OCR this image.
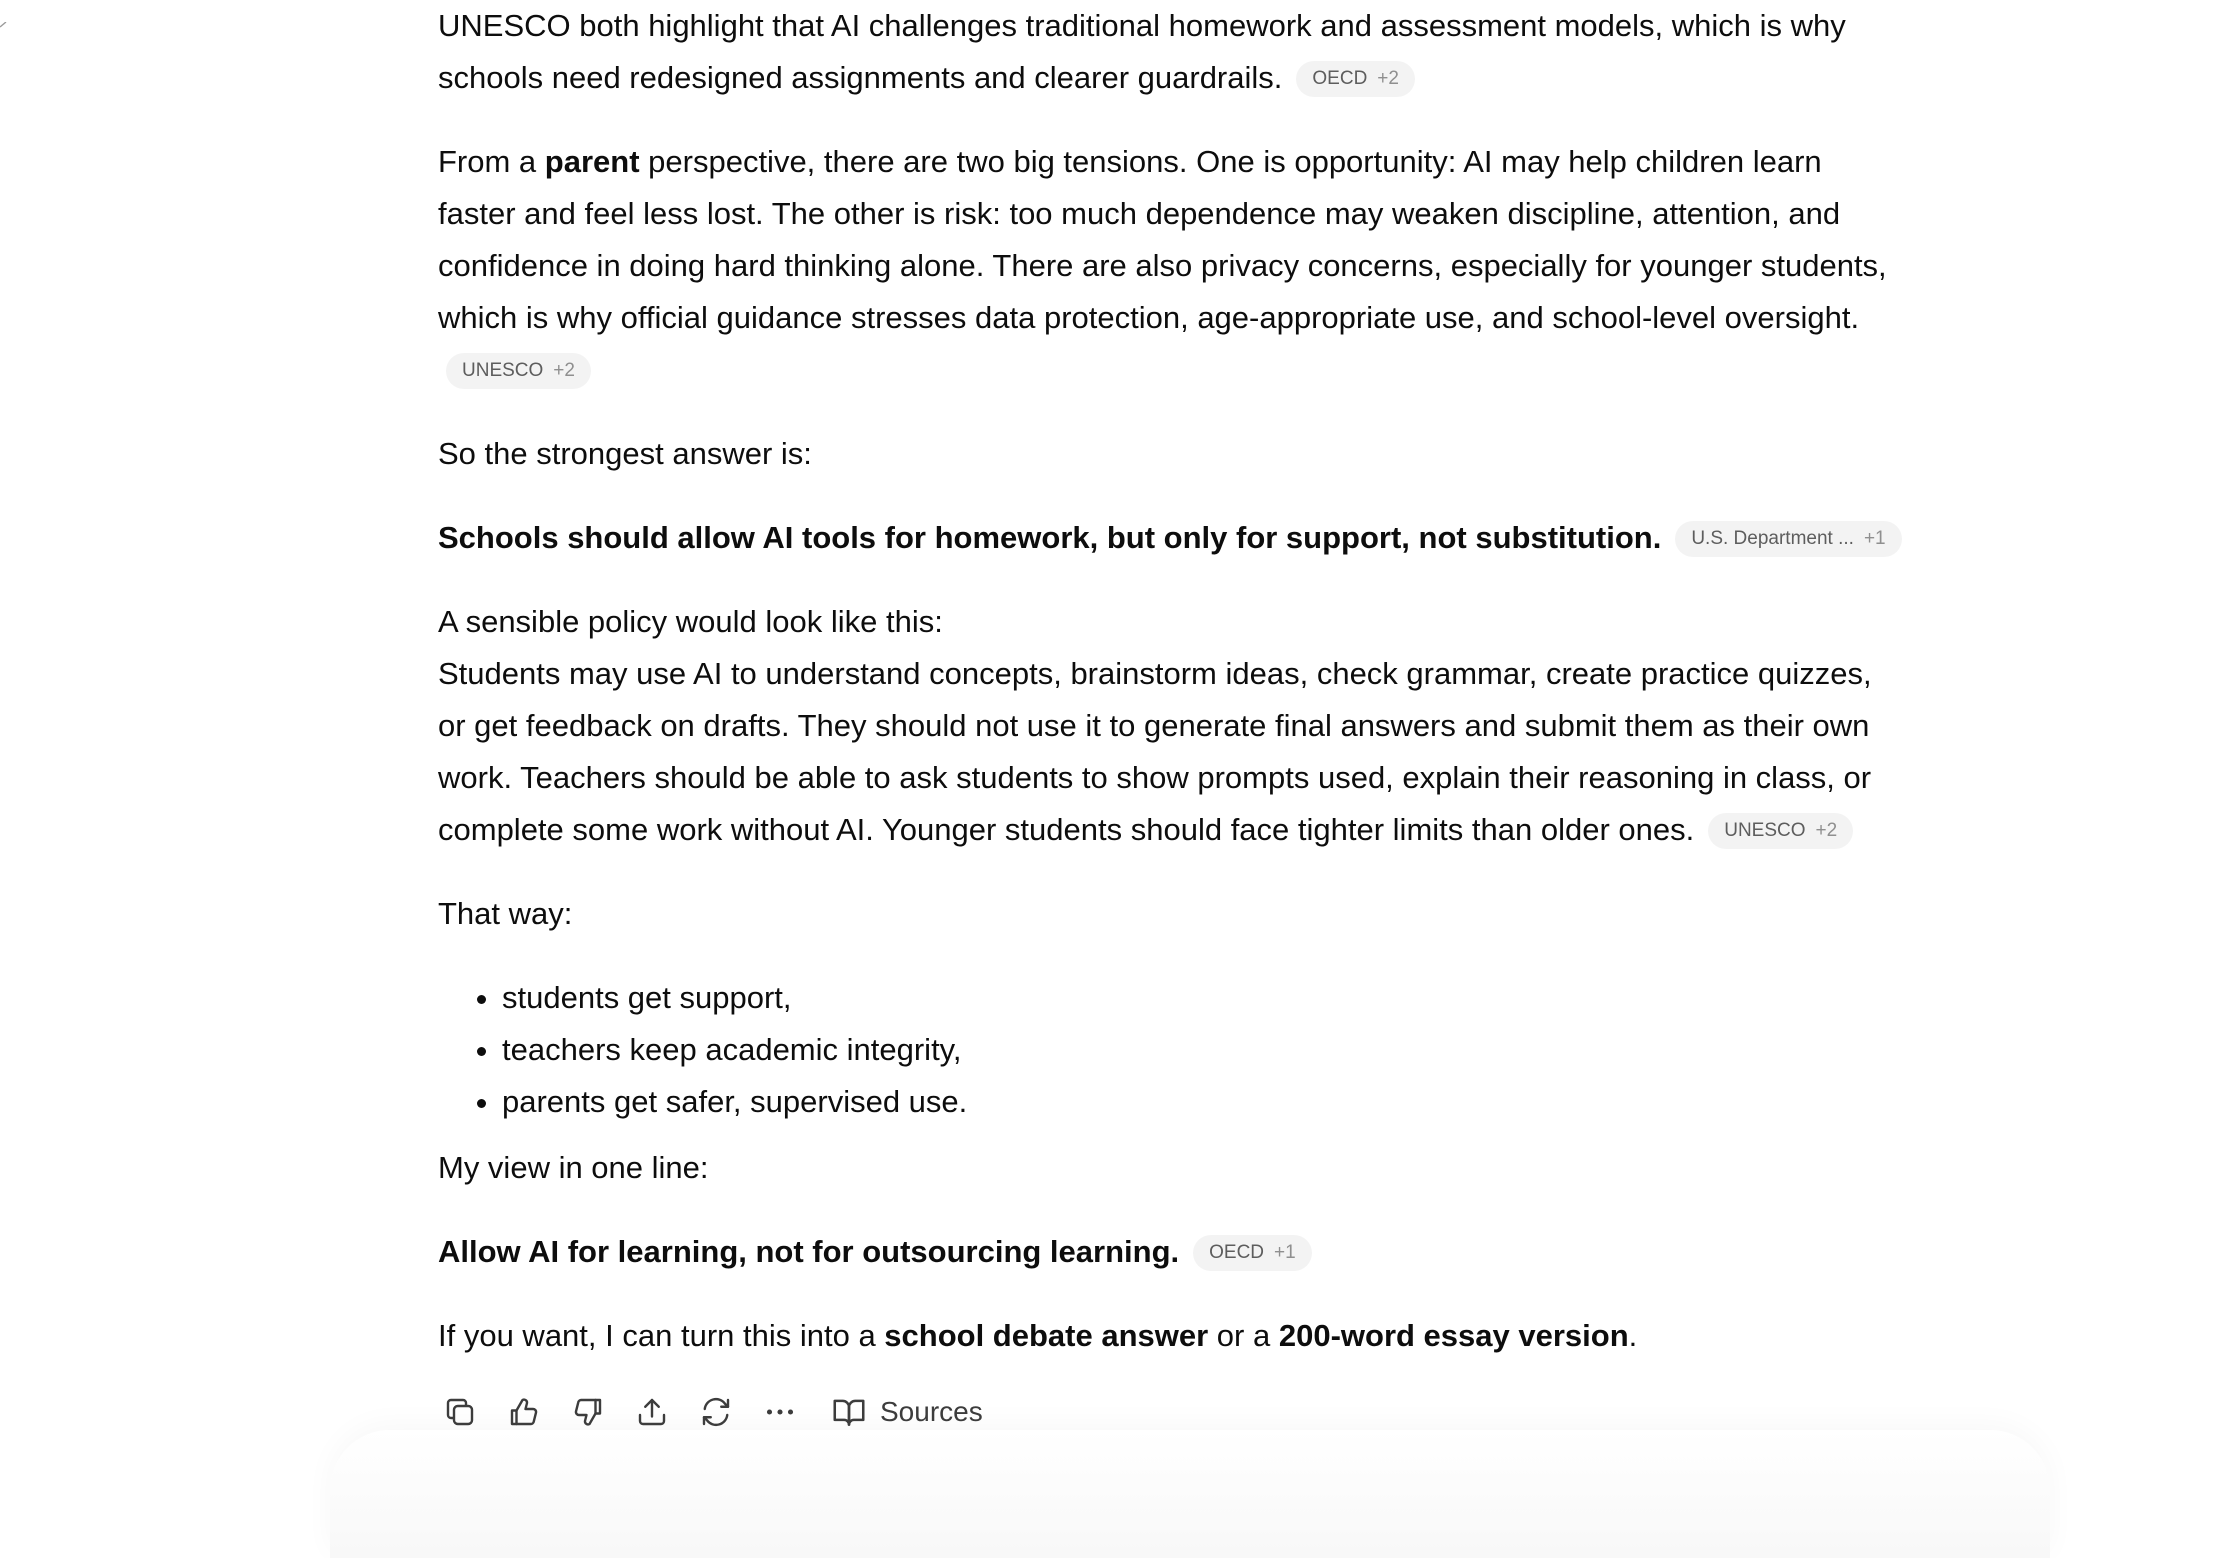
UNESCO both highlight that AI challenges traditional homework and assessment models, which is why
schools need redesigned assignments and clearer guardrails. OECD +2

From a parent perspective, there are two big tensions. One is opportunity: AI may help children learn
faster and feel less lost. The other is risk: too much dependence may weaken discipline, attention, and
confidence in doing hard thinking alone. There are also privacy concerns, especially for younger students,
which is why official guidance stresses data protection, age-appropriate use, and school-level oversight.
UNESCO +2

So the strongest answer is:

Schools should allow AI tools for homework, but only for support, not substitution. U.S. Department ... +1

A sensible policy would look like this:
Students may use AI to understand concepts, brainstorm ideas, check grammar, create practice quizzes,
or get feedback on drafts. They should not use it to generate final answers and submit them as their own
work. Teachers should be able to ask students to show prompts used, explain their reasoning in class, or
complete some work without AI. Younger students should face tighter limits than older ones. UNESCO +2

That way:

• students get support,
• teachers keep academic integrity,
• parents get safer, supervised use.

My view in one line:

Allow AI for learning, not for outsourcing learning. OECD +1

If you want, I can turn this into a school debate answer or a 200-word essay version.

Sources
